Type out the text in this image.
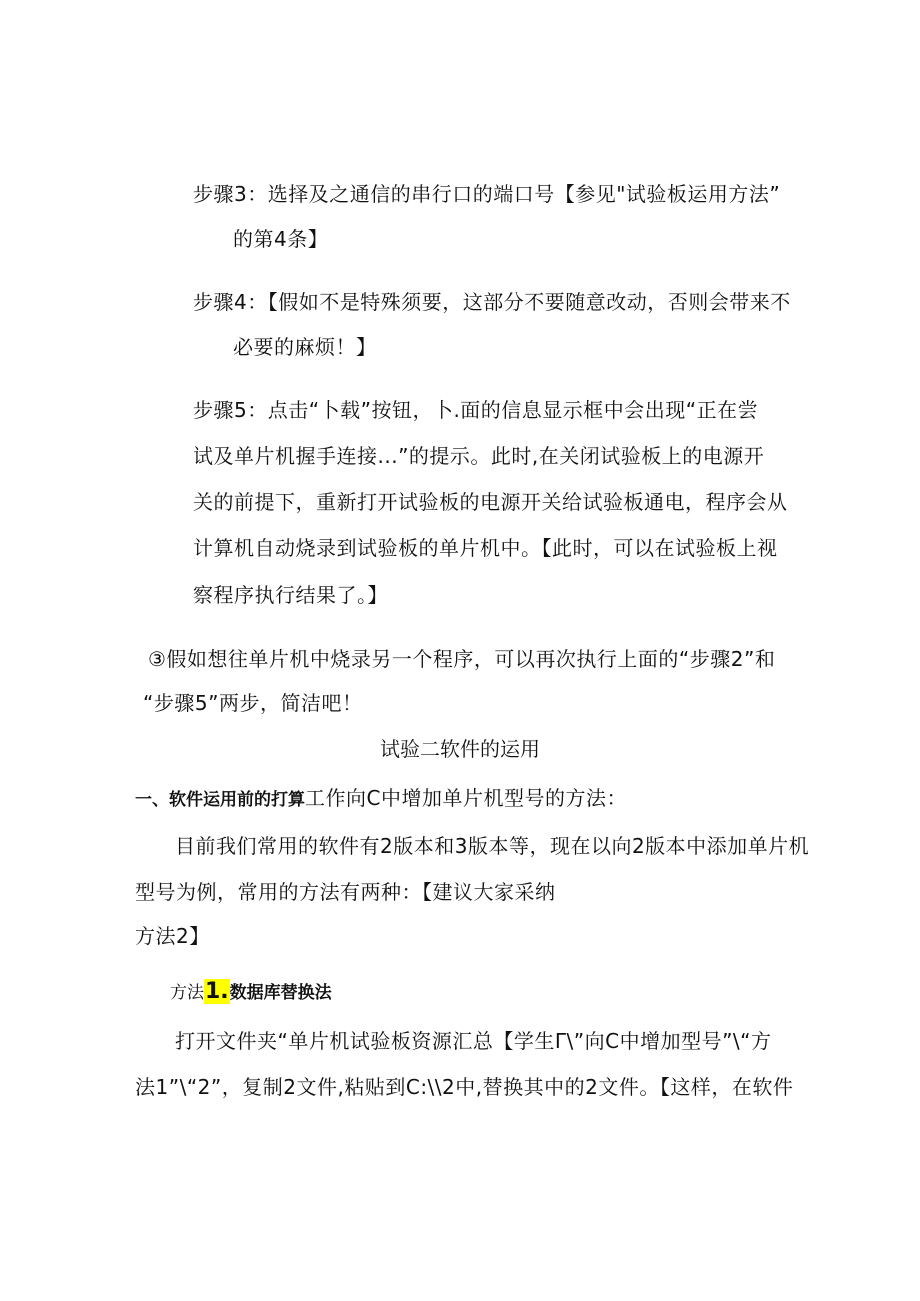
步骤3：选择及之通信的串行口的端口号【参见"试验板运用方法”
的第4条】
步骤4：【假如不是特殊须要，这部分不要随意改动，否则会带来不
必要的麻烦！】
步骤5：点击“卜载”按钮，卜.面的信息显示框中会出现“正在尝
试及单片机握手连接...”的提示。此时,在关闭试验板上的电源开
关的前提下，重新打开试验板的电源开关给试验板通电，程序会从
计算机自动烧录到试验板的单片机中。【此时，可以在试验板上视
察程序执行结果了。】
③假如想往单片机中烧录另一个程序，可以再次执行上面的“步骤2”和
“步骤5”两步，简洁吧！
试验二软件的运用
一、软件运用前的打算工作向C中增加单片机型号的方法：
目前我们常用的软件有2版本和3版本等，现在以向2版本中添加单片机
型号为例，常用的方法有两种：【建议大家采纳
方法2】
方法1.数据库替换法
打开文件夹“单片机试验板资源汇总【学生Γ\”向C中增加型号”\“方
法1”\“2”，复制2文件,粘贴到C:\\2中,替换其中的2文件。【这样，在软件
